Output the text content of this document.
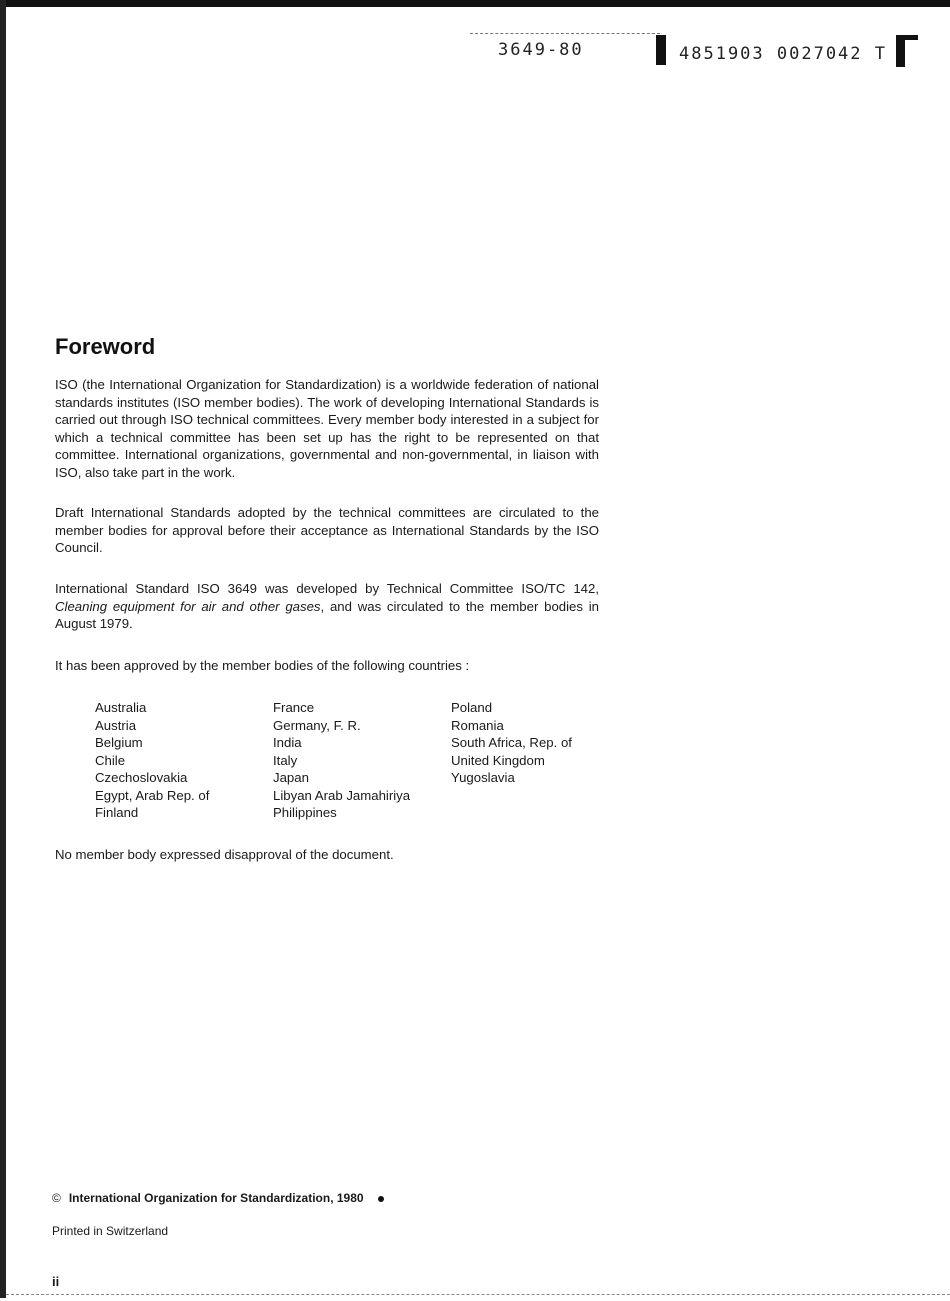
3649-80	4851903 0027042 T
Foreword

ISO (the International Organization for Standardization) is a worldwide federation of national standards institutes (ISO member bodies). The work of developing International Standards is carried out through ISO technical committees. Every member body interested in a subject for which a technical committee has been set up has the right to be represented on that committee. International organizations, governmental and non-governmental, in liaison with ISO, also take part in the work.

Draft International Standards adopted by the technical committees are circulated to the member bodies for approval before their acceptance as International Standards by the ISO Council.

International Standard ISO 3649 was developed by Technical Committee ISO/TC 142, Cleaning equipment for air and other gases, and was circulated to the member bodies in August 1979.

It has been approved by the member bodies of the following countries :

Australia
Austria
Belgium
Chile
Czechoslovakia
Egypt, Arab Rep. of
Finland
France
Germany, F. R.
India
Italy
Japan
Libyan Arab Jamahiriya
Philippines
Poland
Romania
South Africa, Rep. of
United Kingdom
Yugoslavia

No member body expressed disapproval of the document.

© International Organization for Standardization, 1980
Printed in Switzerland
ii
